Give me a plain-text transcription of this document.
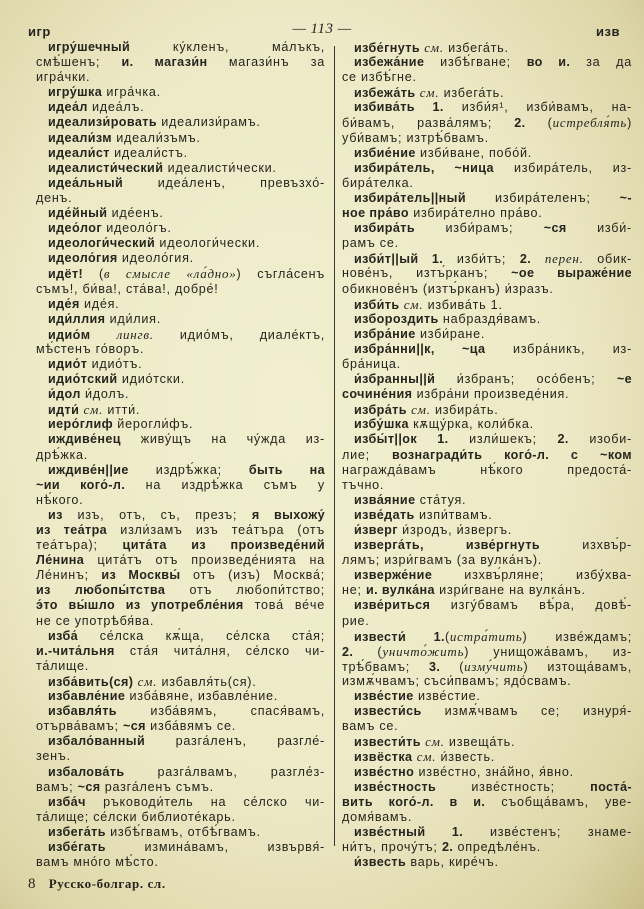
игр	— 113 —	изв
игру́шечный ку́кленъ, ма́лъкъ,
смѣ́шенъ; и. магази́н магази́нъ за
игра́чки.
игру́шка игра́чка.
идеа́л идеа́лъ.
идеализи́ровать идеализи́рамъ.
идеали́зм идеали́зъмъ.
идеали́ст идеали́стъ.
идеалисти́ческий идеалисти́чески.
идеа́льный идеа́ленъ, превъзхо́-
денъ.
иде́йный иде́енъ.
идео́лог идеоло́гъ.
идеологи́ческий идеологи́чески.
идеоло́гия идеоло́гия.
идёт! (в смысле «ла́дно») съгла́сенъ
съмъ!, би́ва!, ста́ва!, добре́!
иде́я иде́я.
иди́ллия иди́лия.
идио́м лингв. идио́мъ, диале́ктъ,
мѣ́стенъ го́воръ.
идио́т идио́тъ.
идио́тский идио́тски.
и́дол и́долъ.
идти́ см. итти́.
иеро́глиф йерогли́фъ.
иждиве́нец живу́щъ на чу́жда из-
дрѣ́жка.
иждиве́н||ие издрѣ́жка; быть на
~ии кого́-л. на издрѣ́жка съмъ у
нѣ́кого.
из изъ, отъ, съ, презъ; я выхожу́
из теа́тра изли́замъ изъ теа́търа (отъ
теа́търа); цита́та из произведе́ний
Ле́нина цита́тъ отъ произведе́нията на
Ле́нинъ; из Москвы́ отъ (изъ) Москва́;
из любопы́тства отъ любопи́тство;
э́то вы́шло из употребле́ния това́ ве́че
не се употрѣбя́ва.
изба́ се́лска кѫ́ща, се́лска ста́я;
и.-чита́льня ста́я чита́лня, се́лско чи-
та́лище.
изба́вить(ся) см. избавля́ть(ся).
избавле́ние изба́вяне, избавле́ние.
избавля́ть изба́вямъ, спася́вамъ,
отърва́вамъ; ~ся изба́вямъ се.
избало́ванный разга́ленъ, разгле́-
зенъ.
избалова́ть разга́лвамъ, разгле́з-
вамъ; ~ся разга́ленъ съмъ.
изба́ч ръководи́тель на се́лско чи-
та́лище; се́лски библиоте́карь.
избега́ть избѣ́гвамъ, отбѣ́гвамъ.
избе́гать измина́вамъ, извървя́-
вамъ мно́го мѣ́сто.
избе́гнуть см. избега́ть.
избежа́ние избѣ́гване; во и. за да
се избѣ́гне.
избежа́ть см. избега́ть.
избива́ть 1. изби́я¹, изби́вамъ, на-
би́вамъ, разва́лямъ; 2. (истребля́ть)
уби́вамъ; изтрѣ́бвамъ.
избие́ние изби́ване, побо́й.
избира́тель, ~ница избира́тель, из-
бира́телка.
избира́тель||ный избира́теленъ; ~-
ное пра́во избира́телно пра́во.
избира́ть изби́рамъ; ~ся изби́-
рамъ се.
изби́т||ый 1. изби́тъ; 2. перен. обик-
нове́нъ, изтъ́рканъ; ~ое выраже́ние
обикнове́нъ (изтъ́рканъ) и́зразъ.
изби́ть см. избива́ть 1.
избороздить набраздя́вамъ.
избра́ние изби́ране.
избра́нни||к, ~ца избра́никъ, из-
бра́ница.
и́збранны||й и́збранъ; осо́бенъ; ~е
сочине́ния избра́ни произведе́ния.
избра́ть см. избира́ть.
избу́шка кѫщу́рка, коли́бка.
избы́т||ок 1. изли́шекъ; 2. изоби-
лие; вознагради́ть кого́-л. с ~ком
награжда́вамъ нѣ́кого предоста́-
тъчно.
изва́яние ста́туя.
изве́дать изпи́твамъ.
и́зверг и́зродъ, и́звергъ.
изверга́ть, изве́ргнуть изхвъ́р-
лямъ; изри́гвамъ (за вулка́нъ).
изверже́ние изхвъ́рляне; избу́хва-
не; и. вулка́на изри́гване на вулка́нъ.
изве́риться изгу́бвамъ вѣ́ра, довѣ́-
рие.
извести́ 1.(истра́тить) изве́ждамъ;
2. (уничто́жить) унищожа́вамъ, из-
трѣ́бвамъ; 3. (изму́чить) изтоща́вамъ,
измѫ́чвамъ; съси́пвамъ; ядо́свамъ.
изве́стие изве́стие.
извести́сь измѫ́чвамъ се; изнуря́-
вамъ се.
извести́ть см. извеща́ть.
извёстка см. и́звесть.
изве́стно изве́стно, зна́йно, я́вно.
изве́стность изве́стность; поста́-
вить кого́-л. в и. съобща́вамъ, уве-
домя́вамъ.
изве́стный 1. изве́стенъ; знаме-
ни́тъ, прочу́тъ; 2. опредѣле́нъ.
и́звесть варь, кире́чъ.
8 Русско-болгар. сл.
